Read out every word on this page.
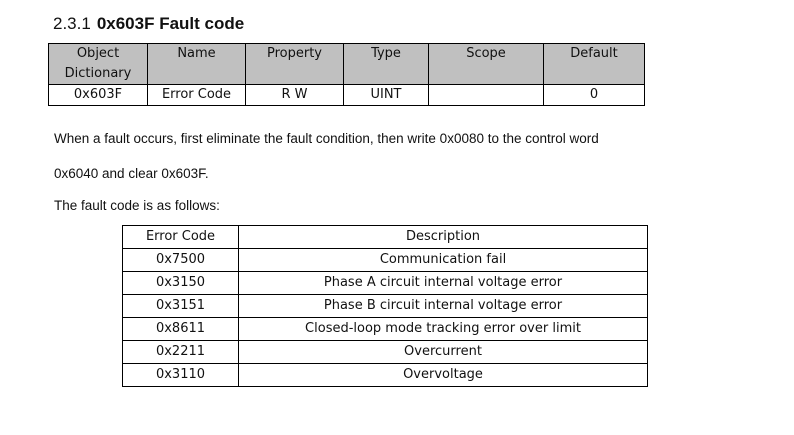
2.3.1 0x603F Fault code
Object Dictionary	Name	Property	Type	Scope	Default
0x603F	Error Code	R W	UINT		0
When a fault occurs, first eliminate the fault condition, then write 0x0080 to the control word
0x6040 and clear 0x603F.
The fault code is as follows:
Error Code	Description
0x7500	Communication fail
0x3150	Phase A circuit internal voltage error
0x3151	Phase B circuit internal voltage error
0x8611	Closed-loop mode tracking error over limit
0x2211	Overcurrent
0x3110	Overvoltage
